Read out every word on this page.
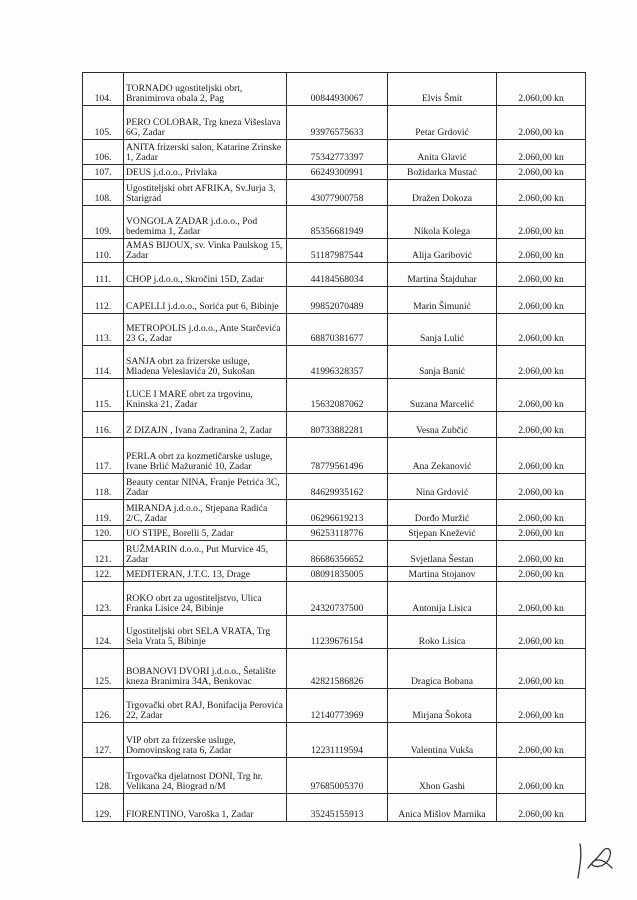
104.	TORNADO ugostiteljski obrt, Branimirova obala 2, Pag	00844930067	Elvis Šmit	2.060,00 kn
105.	PERO COLOBAR, Trg kneza Višeslava 6G, Zadar	93976575633	Petar Grdović	2.060,00 kn
106.	ANITA frizerski salon, Katarine Zrinske 1, Zadar	75342773397	Anita Glavić	2.060,00 kn
107.	DEUS j.d.o.o., Privlaka	66249300991	Božidarka Mustać	2.060,00 kn
108.	Ugostiteljski obrt AFRIKA, Sv.Jurja 3, Starigrad	43077900758	Dražen Dokoza	2.060,00 kn
109.	VONGOLA ZADAR j.d.o.o., Pod bedemima 1, Zadar	85356681949	Nikola Kolega	2.060,00 kn
110.	AMAS BIJOUX, sv. Vinka Paulskog 15, Zadar	51187987544	Alija Garibović	2.060,00 kn
111.	CHOP j.d.o.o., Skročini 15D, Zadar	44184568034	Martina Štajduhar	2.060,00 kn
112.	CAPELLI j.d.o.o., Sorića put 6, Bibinje	99852070489	Marin Šimunić	2.060,00 kn
113.	METROPOLIS j.d.o.o., Ante Starčevića 23 G, Zadar	68870381677	Sanja Lulić	2.060,00 kn
114.	SANJA obrt za frizerske usluge, Mladena Veleslavića 20, Sukošan	41996328357	Sanja Banić	2.060,00 kn
115.	LUCE I MARE obrt za trgovinu, Kninska 21, Zadar	15632087062	Suzana Marcelić	2.060,00 kn
116.	Z DIZAJN , Ivana Zadranina 2, Zadar	80733882281	Vesna Zubčić	2.060,00 kn
117.	PERLA obrt za kozmetičarske usluge, Ivane Brlić Mažuranić 10, Zadar	78779561496	Ana Zekanović	2.060,00 kn
118.	Beauty centar NINA, Franje Petrića 3C, Zadar	84629935162	Nina Grdović	2.060,00 kn
119.	MIRANDA j.d.o.o., Stjepana Radića 2/C, Zadar	06296619213	Dorđo Muržić	2.060,00 kn
120.	UO STIPE, Borelli 5, Zadar	96253118776	Stjepan Knežević	2.060,00 kn
121.	RUŽMARIN d.o.o., Put Murvice 45, Zadar	86686356652	Svjetlana Šestan	2.060,00 kn
122.	MEDITERAN, J.T.C. 13, Drage	08091835005	Martina Stojanov	2.060,00 kn
123.	ROKO obrt za ugostiteljstvo, Ulica Franka Lisice 24, Bibinje	24320737500	Antonija Lisica	2.060,00 kn
124.	Ugostiteljski obrt SELA VRATA, Trg Sela Vrata 5, Bibinje	11239676154	Roko Lisica	2.060,00 kn
125.	BOBANOVI DVORI j.d.o.o., Šetalište kneza Branimira 34A, Benkovac	42821586826	Dragica Bobana	2.060,00 kn
126.	Trgovački obrt RAJ, Bonifacija Perovića 22, Zadar	12140773969	Mirjana Šokota	2.060,00 kn
127.	VIP obrt za frizerske usluge, Domovinskog rata 6, Zadar	12231119594	Valentina Vukša	2.060,00 kn
128.	Trgovačka djelatnost DONI, Trg hr. Velikana 24, Biograd n/M	97685005370	Xhon Gashi	2.060,00 kn
129.	FIORENTINO, Varoška 1, Zadar	35245155913	Anica Mišlov Marnika	2.060,00 kn
